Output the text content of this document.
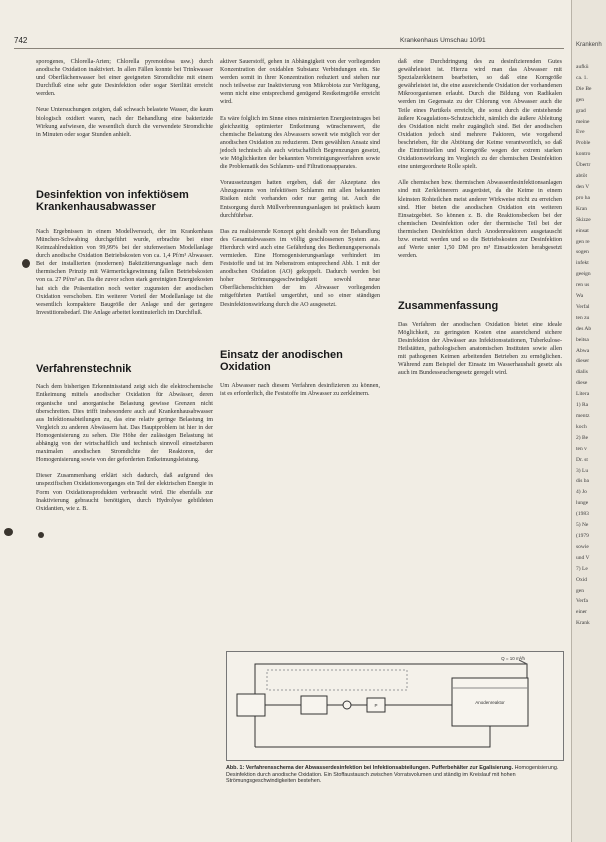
742	Krankenhaus Umschau 10/91

sporogenes, Chlorella-Arten; Chlorella pyrenoidosa usw.) durch anodische Oxidation inaktiviert. In allen Fällen konnte bei Trinkwasser und Oberflächenwasser bei einer geeigneten Stromdichte mit einem Durchfluß eine sehr gute Desinfektion oder sogar Sterilität erreicht werden.

Neue Untersuchungen zeigten, daß schwach belastete Wasser, die kaum biologisch oxidiert waren, nach der Behandlung eine bakterizide Wirkung aufwiesen, die wesentlich durch die verwendete Stromdichte in Minuten oder sogar Stunden anhielt.

Desinfektion von infektiösem Krankenhausabwasser

Nach Ergebnissen in einem Modellversuch, der im Krankenhaus München-Schwabing durchgeführt wurde, erbrachte bei einer Keimzahlreduktion von 99,99% bei der stufenweisen Modellanlage durch anodische Oxidation Betriebskosten von ca. 1,4 Pf/m³ Abwasser. Bei der installierten (modernen) Baktizitierungsanlage nach dem thermischen Prinzip mit Wärmerückgewinnung fallen Betriebskosten von ca. 27 Pf/m³ an. Da die zuvor schon stark gereinigten Energiekosten hat sich die Präsentation noch weiter zugunsten der anodischen Oxidation verschoben. Ein weiterer Vorteil der Modellanlage ist die wesentlich kompaktere Baugröße der Anlage und der geringere Investitionsbedarf. Die Anlage arbeitet kontinuierlich im Durchfluß.

Verfahrenstechnik

Nach dem bisherigen Erkenntnisstand zeigt sich die elektrochemische Entkeimung mittels anodischer Oxidation für Abwässer, deren organische und anorganische Belastung gewisse Grenzen nicht überschreiten. Dies trifft insbesondere auch auf Krankenhausabwasser aus Infektionsabteilungen zu, das eine relativ geringe Belastung im Vergleich zu anderen Abwässern hat. Das Hauptproblem ist hier in der Homogenisierung zu sehen. Die Höhe der zulässigen Belastung ist abhängig von der wirtschaftlich und technisch sinnvoll einsetzbaren maximalen anodischen Stromdichte der Reaktoren, der Homogenisierung sowie von der geforderten Entkeimungsleistung.

Dieser Zusammenhang erklärt sich dadurch, daß aufgrund des unspezifischen Oxidationsvorganges ein Teil der elektrischen Energie in Form von Oxidationsprodukten verbraucht wird. Die ebenfalls zur Inaktivierung gebraucht benötigten, durch Hydrolyse gebildeten Oxidantien, wie z. B.

aktiver Sauerstoff, gehen in Abhängigkeit von der vorliegenden Konzentration der oxidablen Substanz Verbindungen ein. Sie werden somit in ihrer Konzentration reduziert und stehen nur noch teilweise zur Inaktivierung von Mikrobiota zur Verfügung, wenn nicht eine entsprechend genügend Restkeimgröße erreicht wird.

Es wäre folglich im Sinne eines minimierten Energieeintrages bei gleichzeitig optimierter Entkeimung wünschenswert, die chemische Belastung des Abwassers soweit wie möglich vor der anodischen Oxidation zu reduzieren. Dem gewählten Ansatz sind jedoch technisch als auch wirtschaftlich Begrenzungen gesetzt, wie Möglichkeiten der bekannten Vorreinigungsverfahren sowie die Problematik des Schlamm- und Filtrationsapparates.

Voraussetzungen hatten ergeben, daß der Akzeptanz des Abzugsraums von infektiösen Schlamm mit allen bekannten Risiken nicht vorhanden oder nur gering ist. Auch die Entsorgung durch Müllverbrennungsanlagen ist praktisch kaum durchführbar.

Das zu realisierende Konzept geht deshalb von der Behandlung des Gesamtabwassers im völlig geschlossenen System aus. Hierdurch wird auch eine Gefährdung des Bedienungspersonals vermieden. Eine Homogenisierungsanlage verhindert im Feststoffe und ist im Nebenstrom entsprechend Abb. 1 mit der anodischen Oxidation (AO) gekoppelt. Dadurch werden bei hoher Strömungsgeschwindigkeit sowohl neue Oberflächenschichten der im Abwasser vorliegenden mitgeführten Partikel umgerührt, und so einer ständigen Desinfektionswirkung durch die AO ausgesetzt.

Einsatz der anodischen Oxidation

Um Abwasser nach diesem Verfahren desinfizieren zu können, ist es erforderlich, die Feststoffe im Abwasser zu zerkleinern.

daß eine Durchdringung des zu desinfizierenden Gutes gewährleistet ist. Hierzu wird man das Abwasser mit Spezialzerkleinern bearbeiten, so daß eine Korngröße gewährleistet ist, die eine ausreichende Oxidation der vorhandenen Mikroorganismen erlaubt. Durch die Bildung von Radikalen werden im Gegensatz zu der Chlorung von Abwasser auch die Teile eines Partikels erreicht, die sonst durch die entstehende äußere Koagulations-Schutzschicht, nämlich die äußere Ableitung des Oxidation nicht mehr zugänglich sind. Bei der anodischen Oxidation jedoch sind mehrere Faktoren, wie vorgehend beschrieben, für die Abtötung der Keime verantwortlich, so daß die Eintrittstellen und Korngröße wegen der extrem starken Oxidationswirkung im Vergleich zu der chemischen Desinfektion eine untergeordnete Rolle spielt.

Alle chemischen bzw. thermischen Abwasserdesinfektionsanlagen sind mit Zerkleinerern ausgerüstet, da die Keime in einem kleinsten Rohteilchen meist anderer Wirkweise nicht zu erreichen sind. Hier bieten die anodischen Oxidation ein weiteren Einsatzgebiet. So können z. B. die Reaktionsbecken bei der chemischen Desinfektion oder der thermische Teil bei der thermischen Desinfektion durch Anodenreaktoren ausgetauscht bzw. ersetzt werden und so die Betriebskosten zur Desinfektion auf Werte unter 1,50 DM pro m³ Einsatzkosten herabgesetzt werden.

Zusammenfassung

Das Verfahren der anodischen Oxidation bietet eine ideale Möglichkeit, zu geringsten Kosten eine ausreichend sichere Desinfektion der Abwässer aus Infektionsstationen, Tuberkulose-Heilstätten, pathologischen anatomischen Instituten sowie allen mit pathogenen Keimen arbeitenden Betrieben zu ermöglichen. Während zum Beispiel der Einsatz im Wasserhaushalt gesetz als auch im Bundesseuchengesetz geregelt wird.

Q = 10 m³/h
Anodenreaktor
P
Abb. 1: Verfahrensschema der Abwasserdesinfektion bei Infektionsabteilungen. Pufferbehälter zur Egalisierung. Homogenisierung. Desinfektion durch anodische Oxidation. Ein Stoffaustausch zwischen Vorratsvolumen und ständig im Kreislauf mit hohen Strömungsgeschwindigkeiten bestehen.
Krankenh
aufkü
ca. 1.
Die Be
gen
grad
meine
Eve
Proble
kontro
Übertr
abtöt
den V
pro ha
Kran
Skizze
einsat
gen re
sogen
infekt
geeign
ren us
Wa
Verfal
ten zu
des Ab
beitsa
Abwa
dieser
dialis
diese
Litera
1) Ra
mentz
koch
2) Be
ten v
Dr. st
3) Lu
dis ba
4) Jo
lunge
(1983
5) Ne
(1979
sowie
und V
7) Le
Oxid
gen
Verfa
einer
Krank
